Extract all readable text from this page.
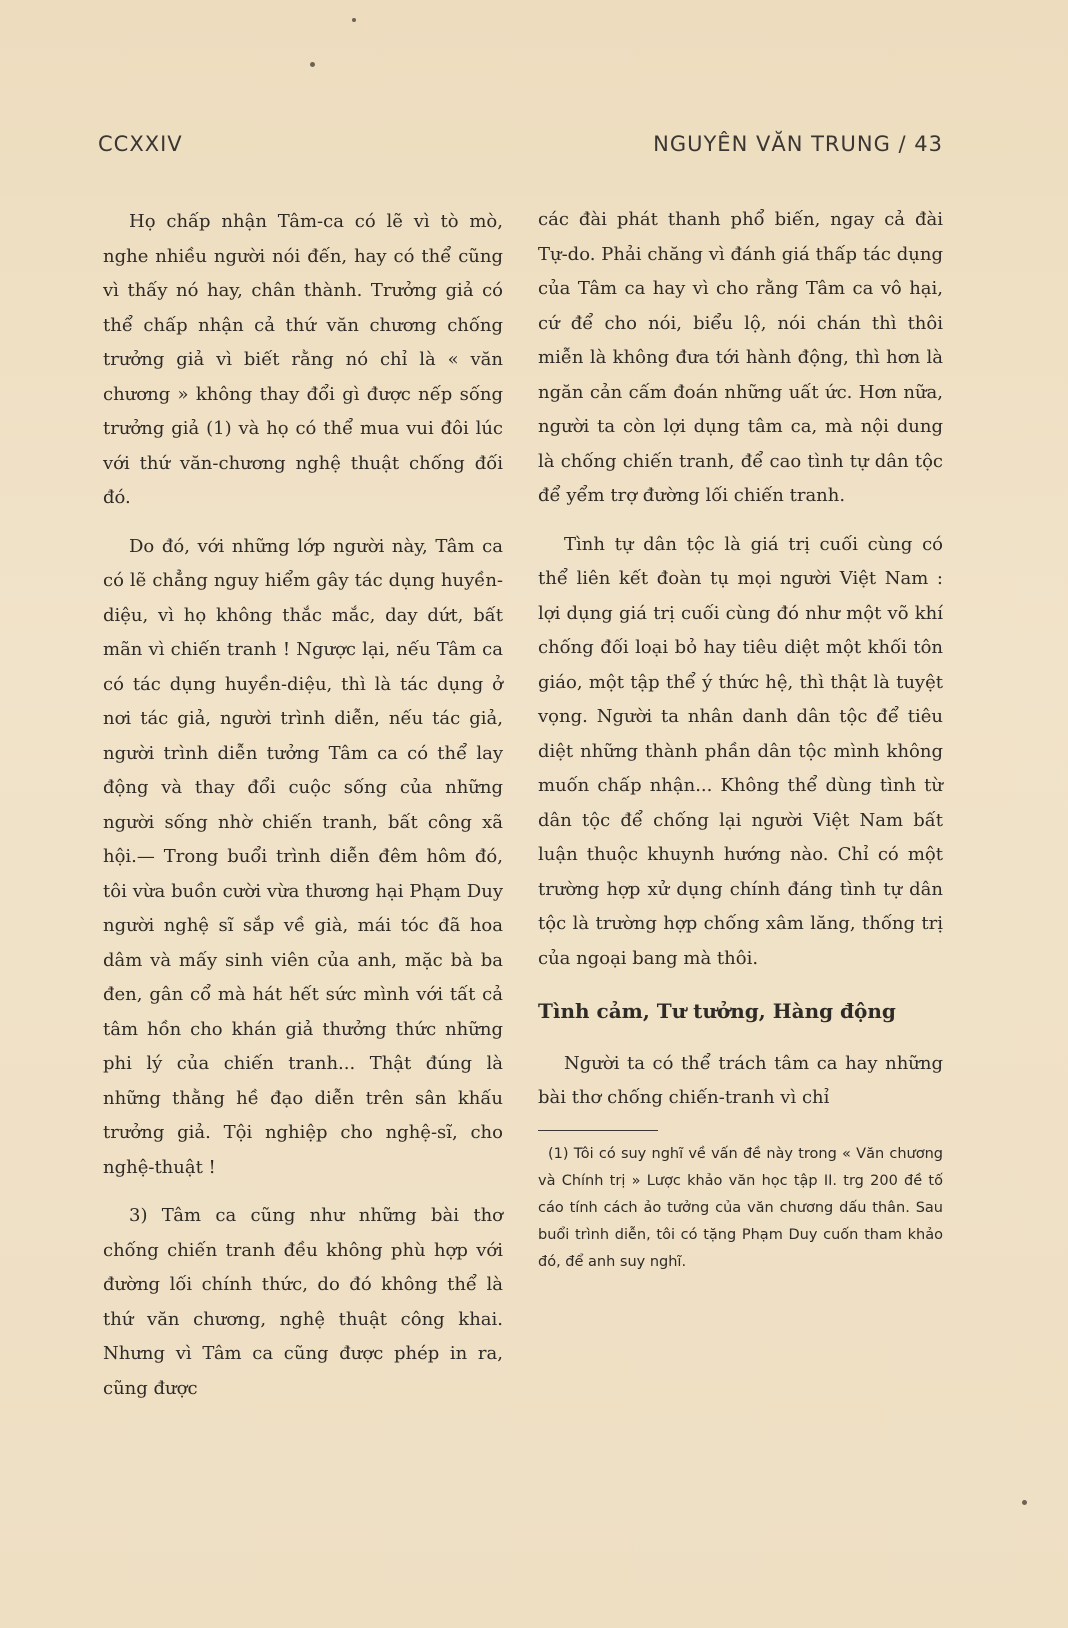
CCXXIV	NGUYÊN VĂN TRUNG / 43

Họ chấp nhận Tâm-ca có lẽ vì tò mò, nghe nhiều người nói đến, hay có thể cũng vì thấy nó hay, chân thành. Trưởng giả có thể chấp nhận cả thứ văn chương chống trưởng giả vì biết rằng nó chỉ là « văn chương » không thay đổi gì được nếp sống trưởng giả (1) và họ có thể mua vui đôi lúc với thứ văn-chương nghệ thuật chống đối đó.

Do đó, với những lớp người này, Tâm ca có lẽ chẳng nguy hiểm gây tác dụng huyền-diệu, vì họ không thắc mắc, day dứt, bất mãn vì chiến tranh ! Ngược lại, nếu Tâm ca có tác dụng huyền-diệu, thì là tác dụng ở nơi tác giả, người trình diễn, nếu tác giả, người trình diễn tưởng Tâm ca có thể lay động và thay đổi cuộc sống của những người sống nhờ chiến tranh, bất công xã hội.— Trong buổi trình diễn đêm hôm đó, tôi vừa buồn cười vừa thương hại Phạm Duy người nghệ sĩ sắp về già, mái tóc đã hoa dâm và mấy sinh viên của anh, mặc bà ba đen, gân cổ mà hát hết sức mình với tất cả tâm hồn cho khán giả thưởng thức những phi lý của chiến tranh... Thật đúng là những thằng hề đạo diễn trên sân khấu trưởng giả. Tội nghiệp cho nghệ-sĩ, cho nghệ-thuật !

3) Tâm ca cũng như những bài thơ chống chiến tranh đều không phù hợp với đường lối chính thức, do đó không thể là thứ văn chương, nghệ thuật công khai. Nhưng vì Tâm ca cũng được phép in ra, cũng được

các đài phát thanh phổ biến, ngay cả đài Tự-do. Phải chăng vì đánh giá thấp tác dụng của Tâm ca hay vì cho rằng Tâm ca vô hại, cứ để cho nói, biểu lộ, nói chán thì thôi miễn là không đưa tới hành động, thì hơn là ngăn cản cấm đoán những uất ức. Hơn nữa, người ta còn lợi dụng tâm ca, mà nội dung là chống chiến tranh, để cao tình tự dân tộc để yểm trợ đường lối chiến tranh.

Tình tự dân tộc là giá trị cuối cùng có thể liên kết đoàn tụ mọi người Việt Nam : lợi dụng giá trị cuối cùng đó như một võ khí chống đối loại bỏ hay tiêu diệt một khối tôn giáo, một tập thể ý thức hệ, thì thật là tuyệt vọng. Người ta nhân danh dân tộc để tiêu diệt những thành phần dân tộc mình không muốn chấp nhận... Không thể dùng tình từ dân tộc để chống lại người Việt Nam bất luận thuộc khuynh hướng nào. Chỉ có một trường hợp xử dụng chính đáng tình tự dân tộc là trường hợp chống xâm lăng, thống trị của ngoại bang mà thôi.

Tình cảm, Tư tưởng, Hàng động

Người ta có thể trách tâm ca hay những bài thơ chống chiến-tranh vì chỉ

(1) Tôi có suy nghĩ về vấn đề này trong « Văn chương và Chính trị » Lược khảo văn học tập II. trg 200 đề tố cáo tính cách ảo tưởng của văn chương dấu thân. Sau buổi trình diễn, tôi có tặng Phạm Duy cuốn tham khảo đó, để anh suy nghĩ.
